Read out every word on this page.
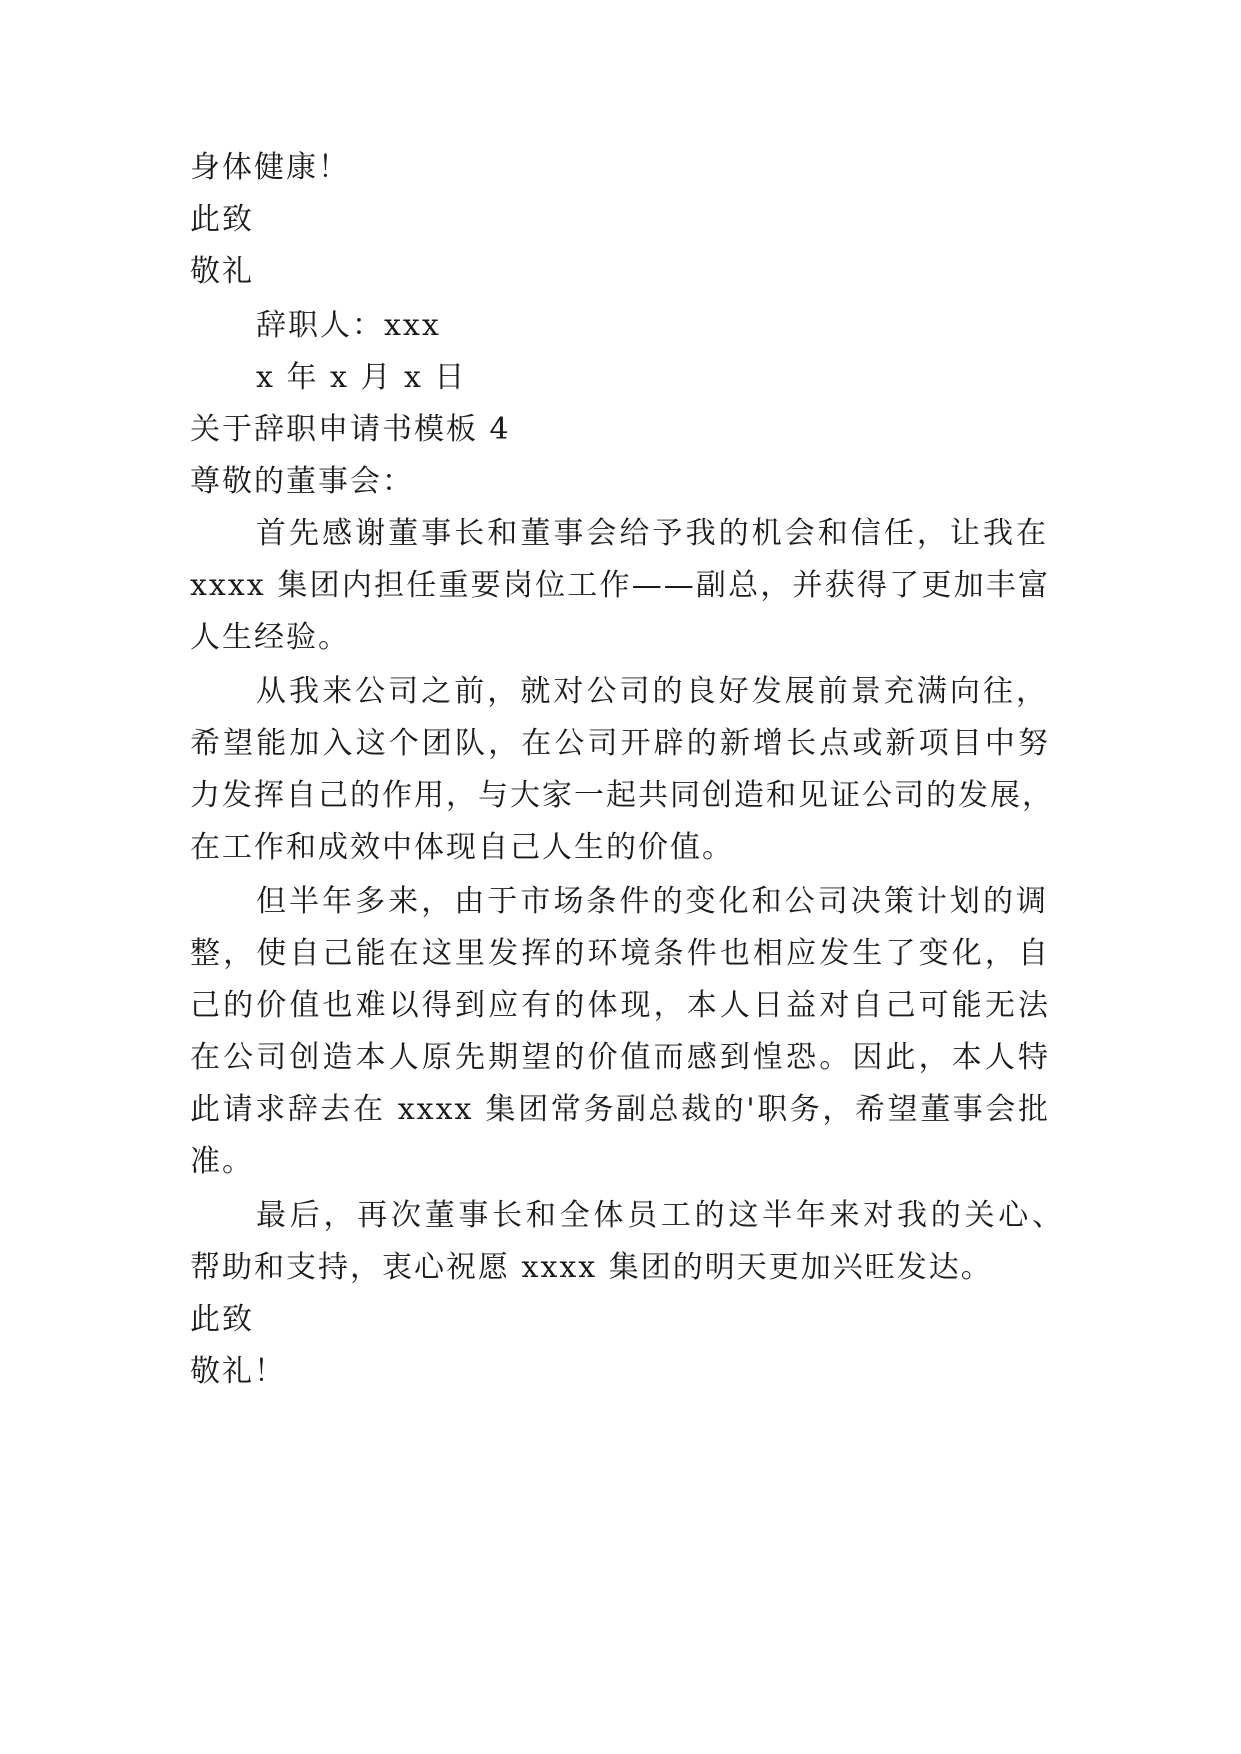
身体健康！
此致
敬礼
辞职人：xxx
x 年 x 月 x 日
关于辞职申请书模板 4
尊敬的董事会：
首先感谢董事长和董事会给予我的机会和信任，让我在
xxxx 集团内担任重要岗位工作——副总，并获得了更加丰富
人生经验。
从我来公司之前，就对公司的良好发展前景充满向往，
希望能加入这个团队，在公司开辟的新增长点或新项目中努
力发挥自己的作用，与大家一起共同创造和见证公司的发展，
在工作和成效中体现自己人生的价值。
但半年多来，由于市场条件的变化和公司决策计划的调
整，使自己能在这里发挥的环境条件也相应发生了变化，自
己的价值也难以得到应有的体现，本人日益对自己可能无法
在公司创造本人原先期望的价值而感到惶恐。因此，本人特
此请求辞去在 xxxx 集团常务副总裁的'职务，希望董事会批
准。
最后，再次董事长和全体员工的这半年来对我的关心、
帮助和支持，衷心祝愿 xxxx 集团的明天更加兴旺发达。
此致
敬礼！
